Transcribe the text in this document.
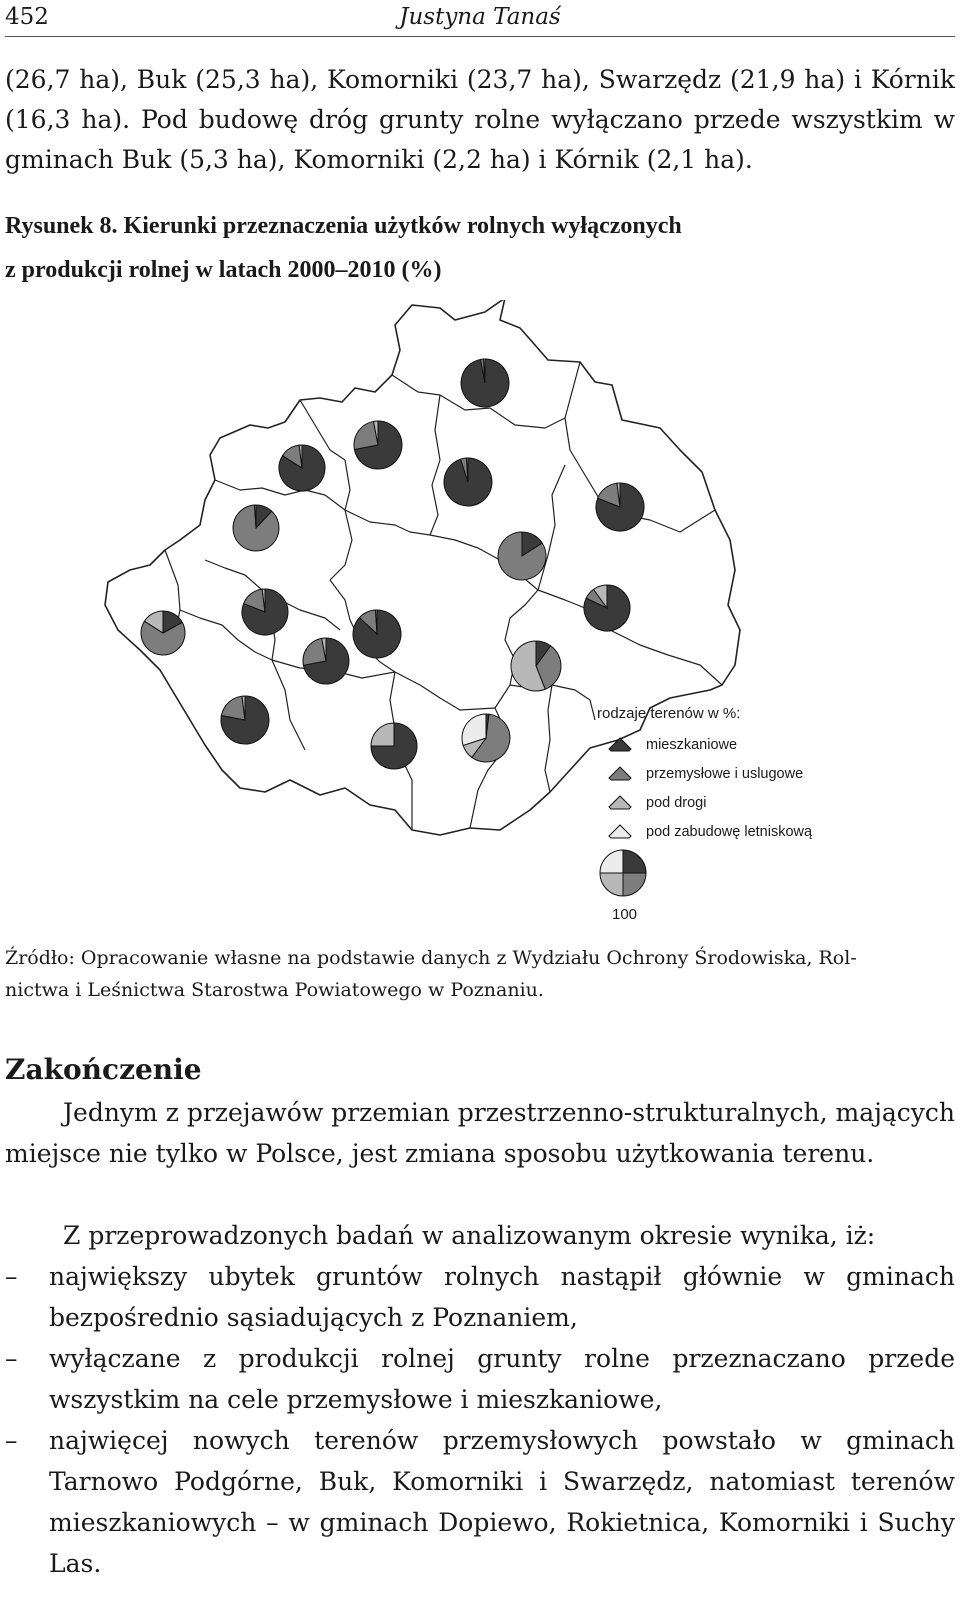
452	Justyna Tanaś

(26,7 ha), Buk (25,3 ha), Komorniki (23,7 ha), Swarzędz (21,9 ha) i Kórnik (16,3 ha). Pod budowę dróg grunty rolne wyłączano przede wszystkim w gminach Buk (5,3 ha), Komorniki (2,2 ha) i Kórnik (2,1 ha).

Rysunek 8. Kierunki przeznaczenia użytków rolnych wyłączonych
z produkcji rolnej w latach 2000–2010 (%)
rodzaje terenów w %:
mieszkaniowe
przemysłowe i uslugowe
pod drogi
pod zabudowę letniskową
100
Źródło: Opracowanie własne na podstawie danych z Wydziału Ochrony Środowiska, Rol-
nictwa i Leśnictwa Starostwa Powiatowego w Poznaniu.
Zakończenie

Jednym z przejawów przemian przestrzenno-strukturalnych, mających miejsce nie tylko w Polsce, jest zmiana sposobu użytkowania terenu.

Z przeprowadzonych badań w analizowanym okresie wynika, iż:

– największy ubytek gruntów rolnych nastąpił głównie w gminach bezpośrednio sąsiadujących z Poznaniem,
– wyłączane z produkcji rolnej grunty rolne przeznaczano przede wszystkim na cele przemysłowe i mieszkaniowe,
– najwięcej nowych terenów przemysłowych powstało w gminach Tarnowo Podgórne, Buk, Komorniki i Swarzędz, natomiast terenów mieszkaniowych – w gminach Dopiewo, Rokietnica, Komorniki i Suchy Las.
